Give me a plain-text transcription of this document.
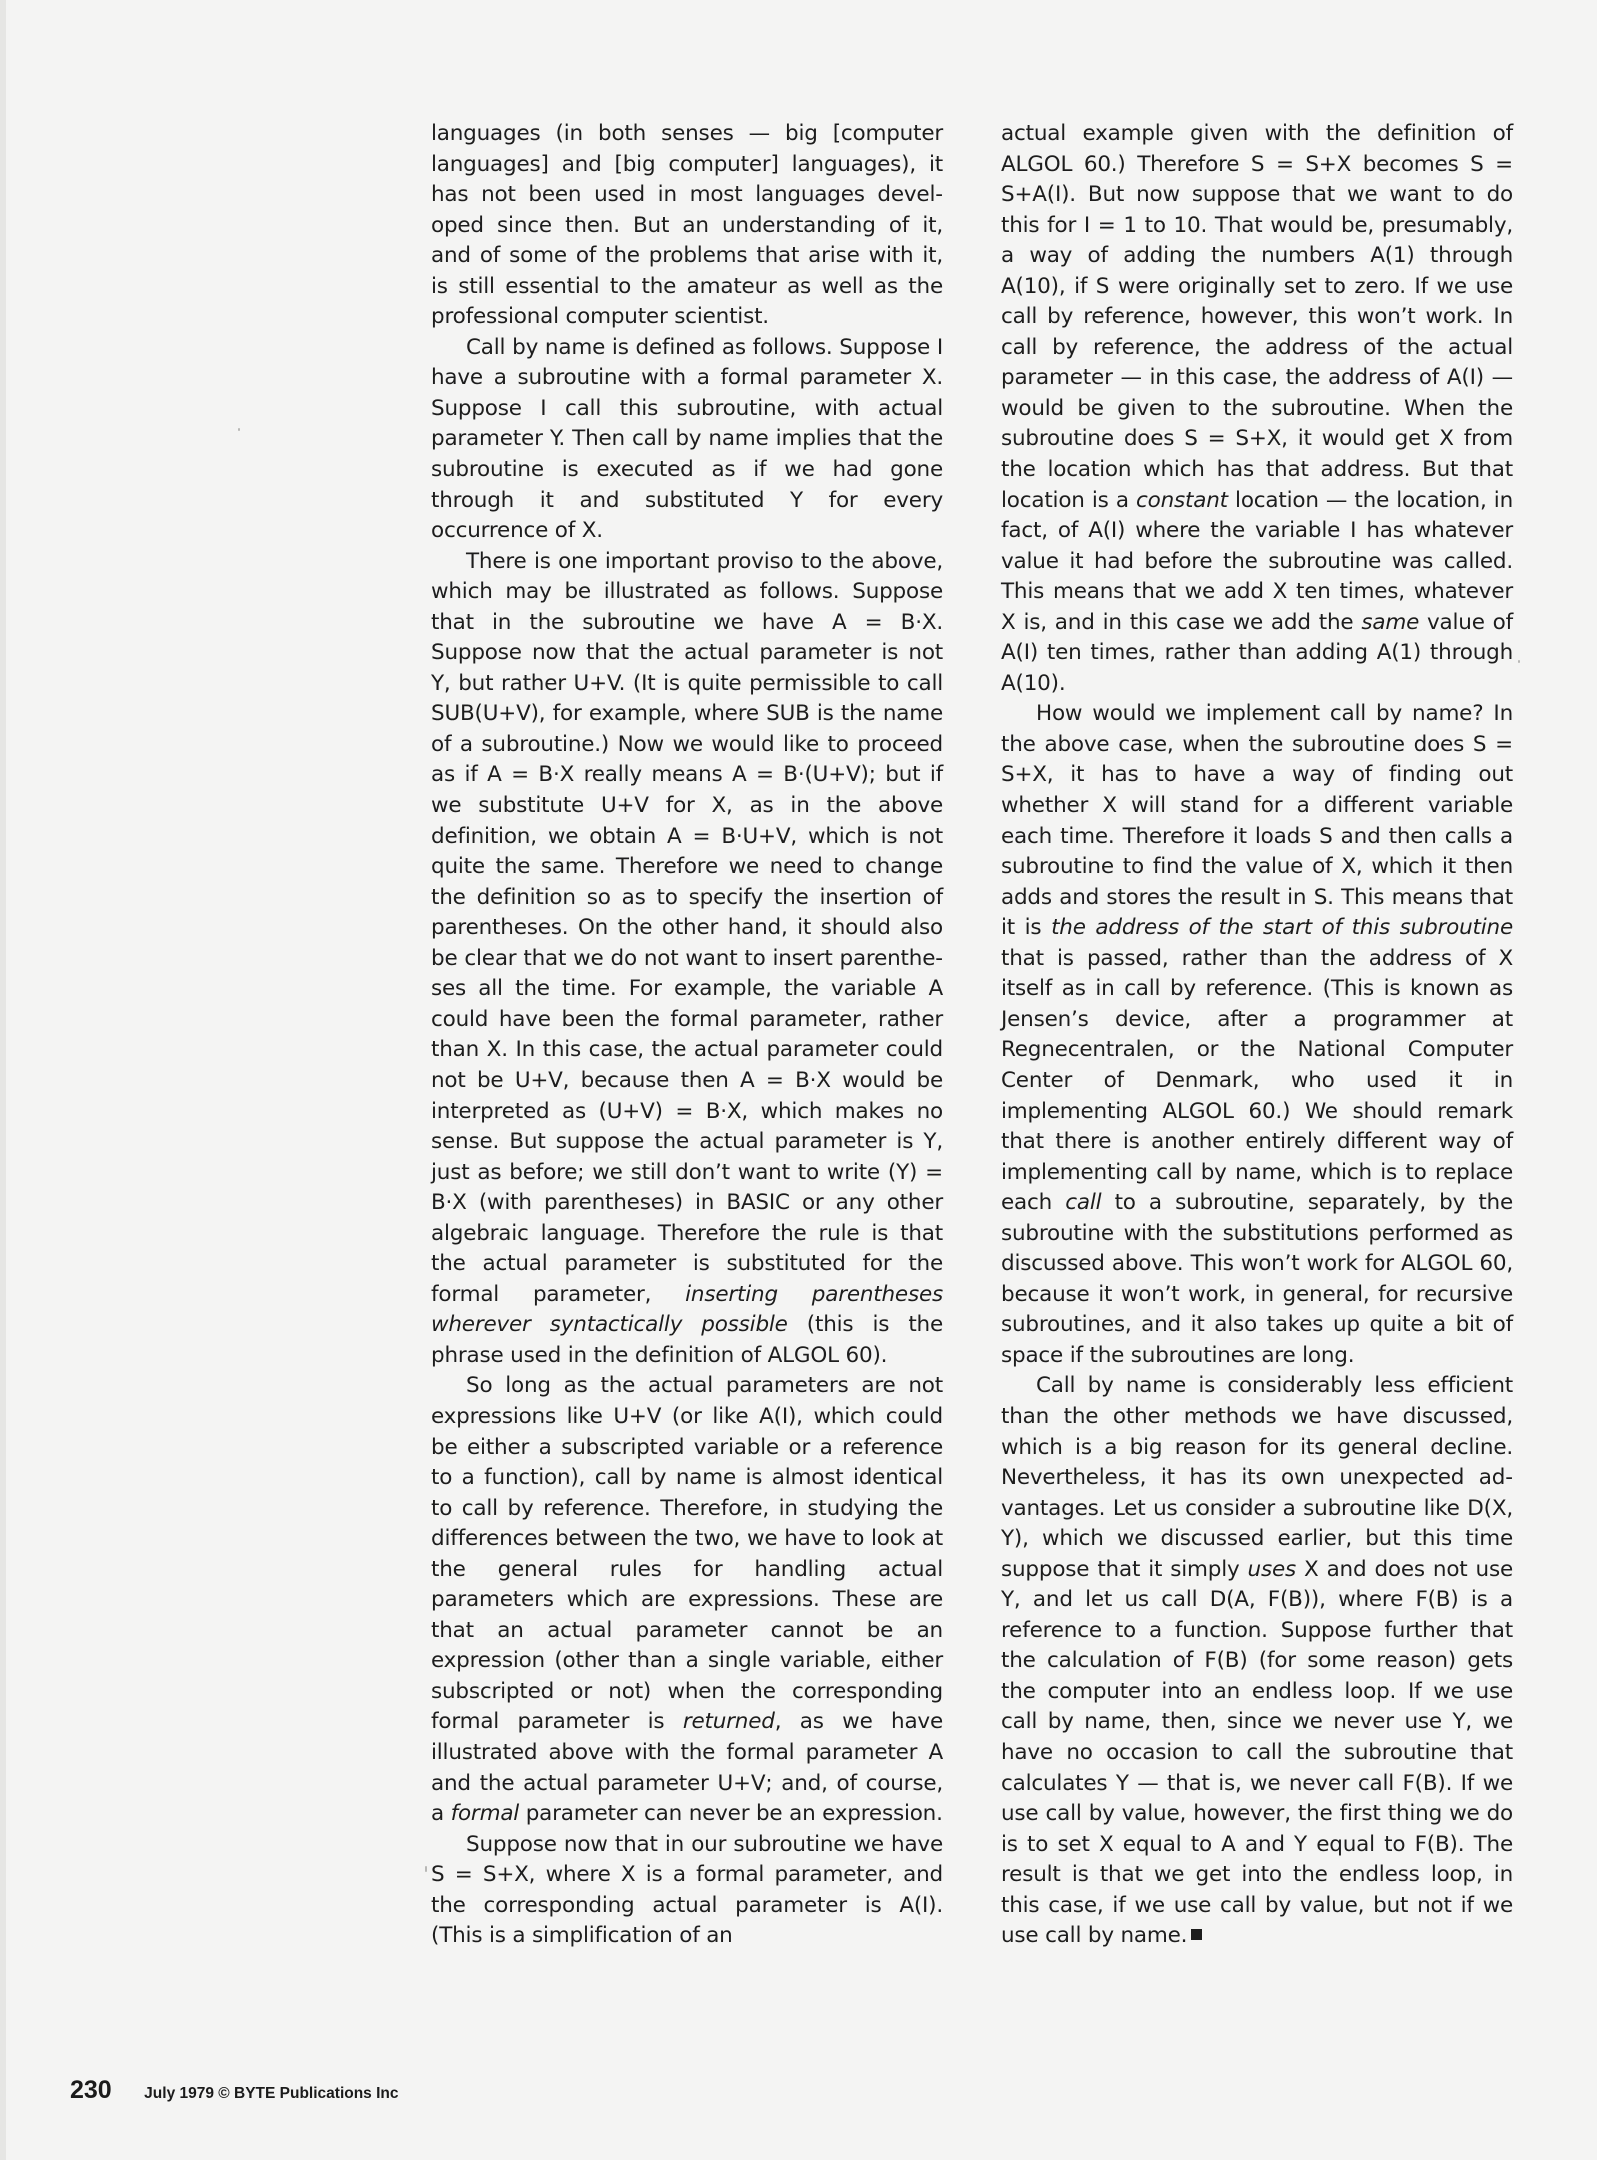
languages (in both senses — big [computer languages] and [big computer] languages), it has not been used in most languages developed since then. But an understanding of it, and of some of the problems that arise with it, is still essential to the amateur as well as the professional computer scientist.

Call by name is defined as follows. Suppose I have a subroutine with a formal parameter X. Suppose I call this subroutine, with actual parameter Y. Then call by name implies that the subroutine is executed as if we had gone through it and substituted Y for every occurrence of X.

There is one important proviso to the above, which may be illustrated as follows. Suppose that in the subroutine we have A = B·X. Suppose now that the actual parameter is not Y, but rather U+V. (It is quite permissible to call SUB(U+V), for example, where SUB is the name of a subroutine.) Now we would like to proceed as if A = B·X really means A = B·(U+V); but if we substitute U+V for X, as in the above definition, we obtain A = B·U+V, which is not quite the same. Therefore we need to change the definition so as to specify the insertion of parentheses. On the other hand, it should also be clear that we do not want to insert parentheses all the time. For example, the variable A could have been the formal parameter, rather than X. In this case, the actual parameter could not be U+V, because then A = B·X would be interpreted as (U+V) = B·X, which makes no sense. But suppose the actual parameter is Y, just as before; we still don’t want to write (Y) = B·X (with parentheses) in BASIC or any other algebraic language. Therefore the rule is that the actual parameter is substituted for the formal parameter, inserting parentheses wherever syntactically possible (this is the phrase used in the definition of ALGOL 60).

So long as the actual parameters are not expressions like U+V (or like A(I), which could be either a subscripted variable or a reference to a function), call by name is almost identical to call by reference. Therefore, in studying the differences between the two, we have to look at the general rules for handling actual parameters which are expressions. These are that an actual parameter cannot be an expression (other than a single variable, either subscripted or not) when the corresponding formal parameter is returned, as we have illustrated above with the formal parameter A and the actual parameter U+V; and, of course, a formal parameter can never be an expression.

Suppose now that in our subroutine we have S = S+X, where X is a formal parameter, and the corresponding actual parameter is A(I). (This is a simplification of an

actual example given with the definition of ALGOL 60.) Therefore S = S+X becomes S = S+A(I). But now suppose that we want to do this for I = 1 to 10. That would be, presumably, a way of adding the numbers A(1) through A(10), if S were originally set to zero. If we use call by reference, however, this won’t work. In call by reference, the address of the actual parameter — in this case, the address of A(I) — would be given to the subroutine. When the subroutine does S = S+X, it would get X from the location which has that address. But that location is a constant location — the location, in fact, of A(I) where the variable I has whatever value it had before the subroutine was called. This means that we add X ten times, whatever X is, and in this case we add the same value of A(I) ten times, rather than adding A(1) through A(10).

How would we implement call by name? In the above case, when the subroutine does S = S+X, it has to have a way of finding out whether X will stand for a different variable each time. Therefore it loads S and then calls a subroutine to find the value of X, which it then adds and stores the result in S. This means that it is the address of the start of this subroutine that is passed, rather than the address of X itself as in call by reference. (This is known as Jensen’s device, after a programmer at Regnecentralen, or the National Computer Center of Denmark, who used it in implementing ALGOL 60.) We should remark that there is another entirely different way of implementing call by name, which is to replace each call to a subroutine, separately, by the subroutine with the substitutions performed as discussed above. This won’t work for ALGOL 60, because it won’t work, in general, for recursive subroutines, and it also takes up quite a bit of space if the subroutines are long.

Call by name is considerably less efficient than the other methods we have discussed, which is a big reason for its general decline. Nevertheless, it has its own unexpected advantages. Let us consider a subroutine like D(X, Y), which we discussed earlier, but this time suppose that it simply uses X and does not use Y, and let us call D(A, F(B)), where F(B) is a reference to a function. Suppose further that the calculation of F(B) (for some reason) gets the computer into an endless loop. If we use call by name, then, since we never use Y, we have no occasion to call the subroutine that calculates Y — that is, we never call F(B). If we use call by value, however, the first thing we do is to set X equal to A and Y equal to F(B). The result is that we get into the endless loop, in this case, if we use call by value, but not if we use call by name.

230 July 1979 © BYTE Publications Inc
